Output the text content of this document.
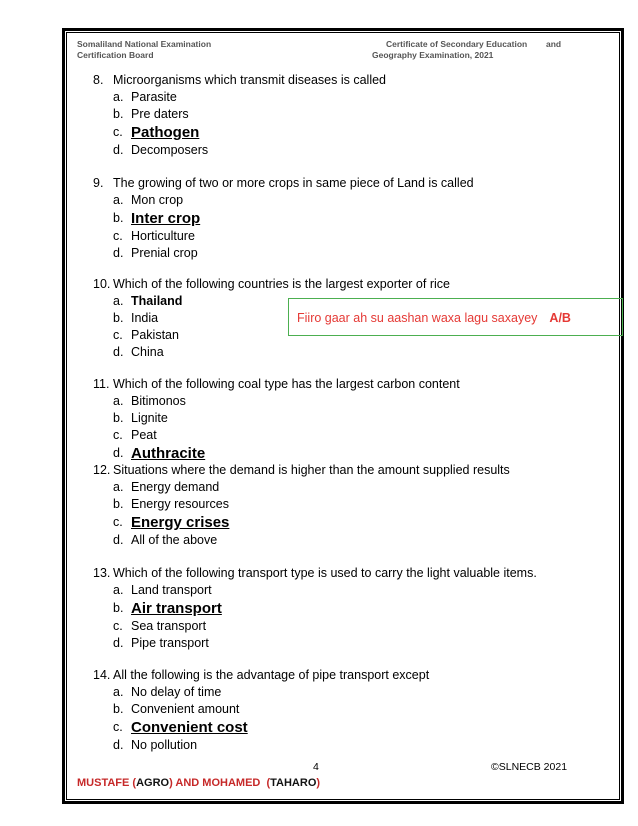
Somaliland National Examination
Certification Board
Certificate of Secondary Education and
Geography Examination, 2021
8. Microorganisms which transmit diseases is called
a. Parasite
b. Pre daters
c. Pathogen
d. Decomposers
9. The growing of two or more crops in same piece of Land is called
a. Mon crop
b. Inter crop
c. Horticulture
d. Prenial crop
10. Which of the following countries is the largest exporter of rice
a. Thailand
b. India
c. Pakistan
d. China
Fiiro gaar ah su aashan waxa lagu saxayey A/B
11. Which of the following coal type has the largest carbon content
a. Bitimonos
b. Lignite
c. Peat
d. Authracite
12. Situations where the demand is higher than the amount supplied results
a. Energy demand
b. Energy resources
c. Energy crises
d. All of the above
13. Which of the following transport type is used to carry the light valuable items.
a. Land transport
b. Air transport
c. Sea transport
d. Pipe transport
14. All the following is the advantage of pipe transport except
a. No delay of time
b. Convenient amount
c. Convenient cost
d. No pollution
4	©SLNECB 2021
MUSTAFE (AGRO) AND MOHAMED  (TAHARO)
